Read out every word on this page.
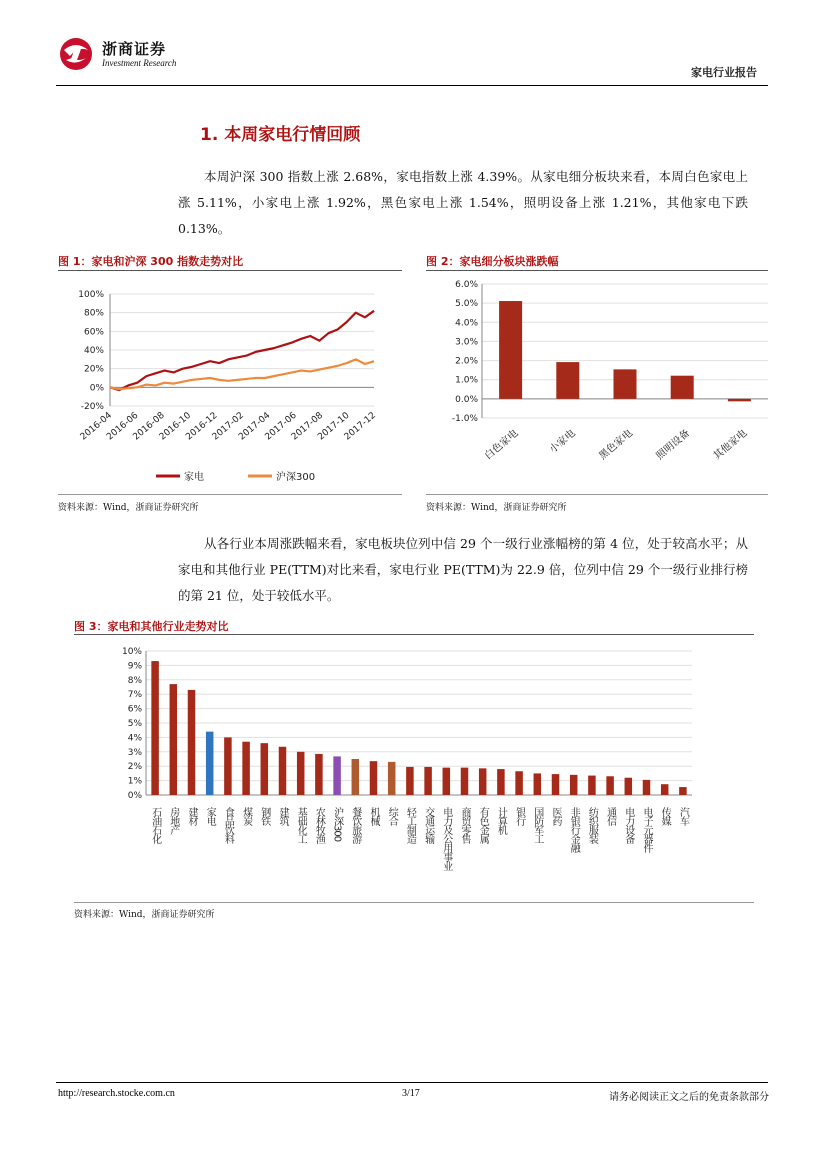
浙商证券
Investment Research
家电行业报告
1. 本周家电行情回顾

本周沪深 300 指数上涨 2.68%，家电指数上涨 4.39%。从家电细分板块来看，本周白色家电上涨 5.11%，小家电上涨 1.92%，黑色家电上涨 1.54%，照明设备上涨 1.21%，其他家电下跌 0.13%。

图 1：家电和沪深 300 指数走势对比
100%
80%
60%
40%
20%
0%
-20%
2016-04
2016-06
2016-08
2016-10
2016-12
2017-02
2017-04
2017-06
2017-08
2017-10
2017-12
家电	沪深300
资料来源：Wind，浙商证券研究所
图 2：家电细分板块涨跌幅
6.0%
5.0%
4.0%
3.0%
2.0%
1.0%
0.0%
-1.0%
白色家电	小家电 黑色家电 照明设备 其他家电
资料来源：Wind，浙商证券研究所

从各行业本周涨跌幅来看，家电板块位列中信 29 个一级行业涨幅榜的第 4 位，处于较高水平；从家电和其他行业 PE(TTM)对比来看，家电行业 PE(TTM)为 22.9 倍，位列中信 29 个一级行业排行榜的第 21 位，处于较低水平。

图 3：家电和其他行业走势对比
10%
9%
8%
7%
6%
5%
4%
3%
2%
1%
0%
石油石化 房地产 建材 家电 食品饮料 煤炭 钢铁 建筑 基础化工 农林牧渔 沪深300 餐饮旅游 机械 综合 轻工制造 交通运输 电力及公用事业 商贸零售 有色金属 计算机 银行 国防军工 医药 非银行金融 纺织服装 通信 电力设备 电子元器件 传媒 汽车
资料来源：Wind，浙商证券研究所
http://research.stocke.com.cn	3/17	请务必阅读正文之后的免责条款部分
